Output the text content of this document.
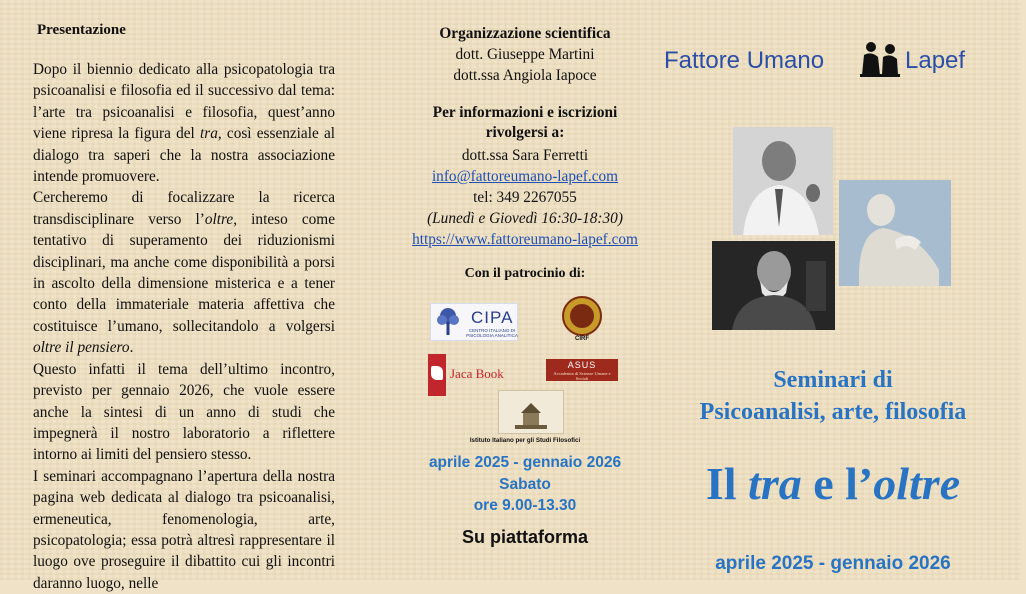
Presentazione

Dopo il biennio dedicato alla psicopatologia tra psicoanalisi e filosofia ed il successivo dal tema: l’arte tra psicoanalisi e filosofia, quest’anno viene ripresa la figura del tra, così essenziale al dialogo tra saperi che la nostra associazione intende promuovere.

Cercheremo di focalizzare la ricerca transdisciplinare verso l’oltre, inteso come tentativo di superamento dei riduzionismi disciplinari, ma anche come disponibilità a porsi in ascolto della dimensione misterica e a tener conto della immateriale materia affettiva che costituisce l’umano, sollecitandolo a volgersi oltre il pensiero.

Questo infatti il tema dell’ultimo incontro, previsto per gennaio 2026, che vuole essere anche la sintesi di un anno di studi che impegnerà il nostro laboratorio a riflettere intorno ai limiti del pensiero stesso.

I seminari accompagnano l’apertura della nostra pagina web dedicata al dialogo tra psicoanalisi, ermeneutica, fenomenologia, arte, psicopatologia; essa potrà altresì rappresentare il luogo ove proseguire il dibattito cui gli incontri daranno luogo, nelle

Organizzazione scientifica
dott. Giuseppe Martini
dott.ssa Angiola Iapoce
Per informazioni e iscrizioni
rivolgersi a:
dott.ssa Sara Ferretti
info@fattoreumano-lapef.com
tel: 349 2267055
(Lunedì e Giovedì 16:30-18:30)
https://www.fattoreumano-lapef.com
Con il patrocinio di:
CIPA
CENTRO ITALIANO DI PSICOLOGIA ANALITICA
CIRF
Jaca Book
ASUS
Accademia di Scienze Umane e Sociali
Istituto Italiano per gli Studi Filosofici
aprile 2025 - gennaio 2026
Sabato
ore 9.00-13.30
Su piattaforma
Fattore Umano	Lapef
Seminari di
Psicoanalisi, arte, filosofia
Il tra e l’oltre
aprile 2025 - gennaio 2026
